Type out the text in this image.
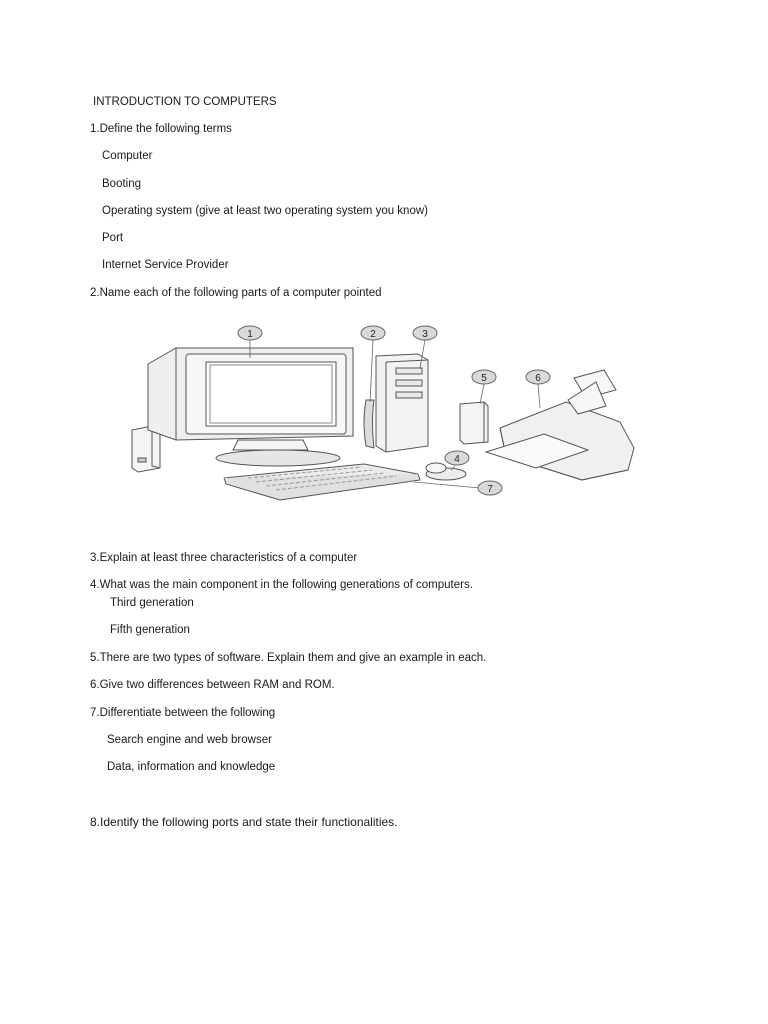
INTRODUCTION TO COMPUTERS
1.Define the following terms
Computer
Booting
Operating system (give at least two operating system you know)
Port
Internet Service Provider
2.Name each of the following parts of a computer pointed
1	2	3
4
5	6
7
3.Explain at least three characteristics of a computer
4.What was the main component in the following generations of computers.
Third generation
Fifth generation
5.There are two types of software. Explain them and give an example in each.
6.Give two differences between RAM and ROM.
7.Differentiate between the following
Search engine and web browser
Data, information and knowledge
8.Identify the following ports and state their functionalities.
